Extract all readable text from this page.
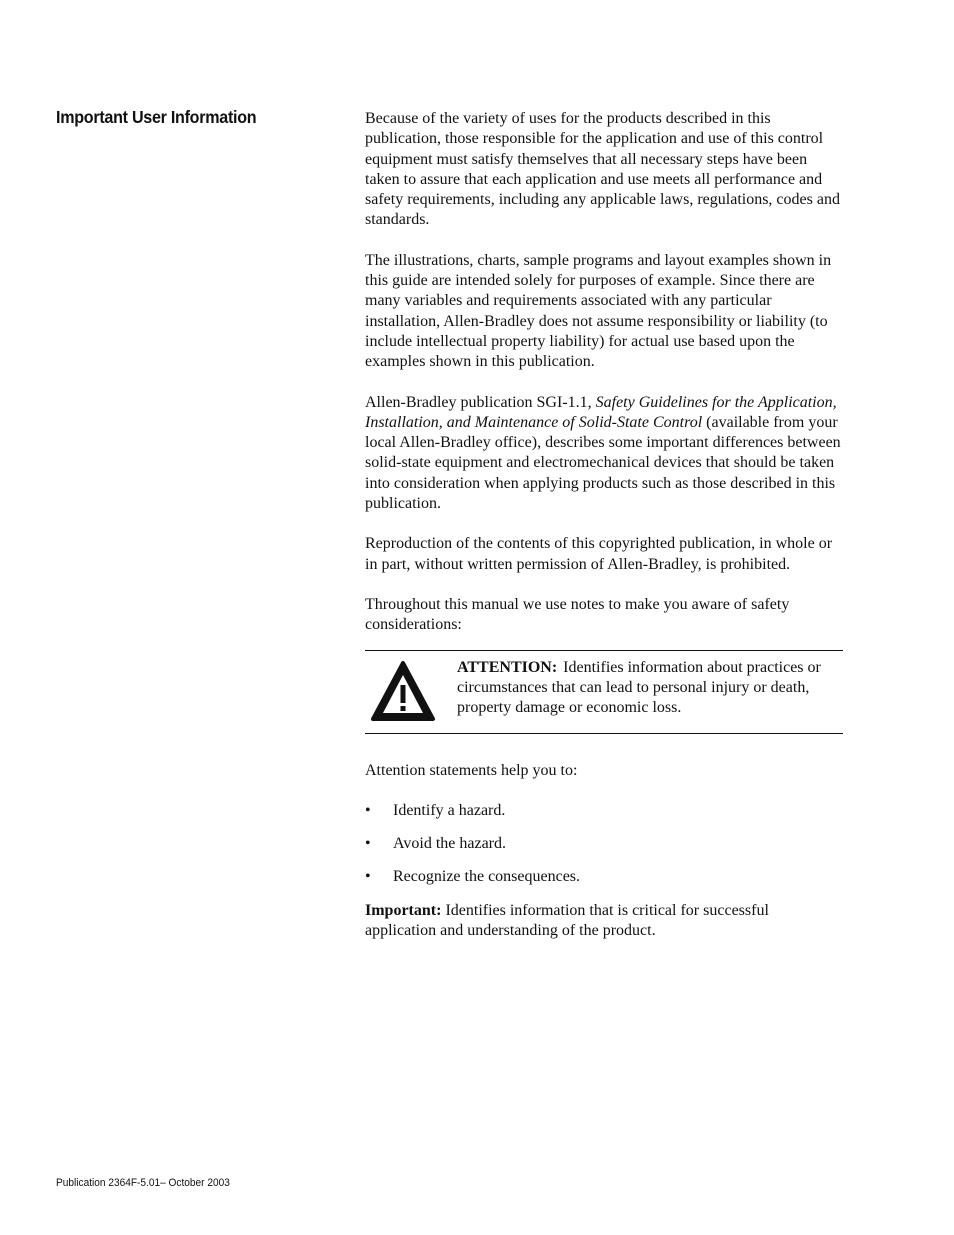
Important User Information	Because of the variety of uses for the products described in this publication, those responsible for the application and use of this control equipment must satisfy themselves that all necessary steps have been taken to assure that each application and use meets all performance and safety requirements, including any applicable laws, regulations, codes and standards.

The illustrations, charts, sample programs and layout examples shown in this guide are intended solely for purposes of example. Since there are many variables and requirements associated with any particular installation, Allen-Bradley does not assume responsibility or liability (to include intellectual property liability) for actual use based upon the examples shown in this publication.

Allen-Bradley publication SGI-1.1, Safety Guidelines for the Application, Installation, and Maintenance of Solid-State Control (available from your local Allen-Bradley office), describes some important differences between solid-state equipment and electromechanical devices that should be taken into consideration when applying products such as those described in this publication.

Reproduction of the contents of this copyrighted publication, in whole or in part, without written permission of Allen-Bradley, is prohibited.

Throughout this manual we use notes to make you aware of safety considerations:

ATTENTION: Identifies information about practices or circumstances that can lead to personal injury or death, property damage or economic loss.

Attention statements help you to:

• Identify a hazard.
• Avoid the hazard.
• Recognize the consequences.

Important: Identifies information that is critical for successful application and understanding of the product.

Publication 2364F-5.01– October 2003
